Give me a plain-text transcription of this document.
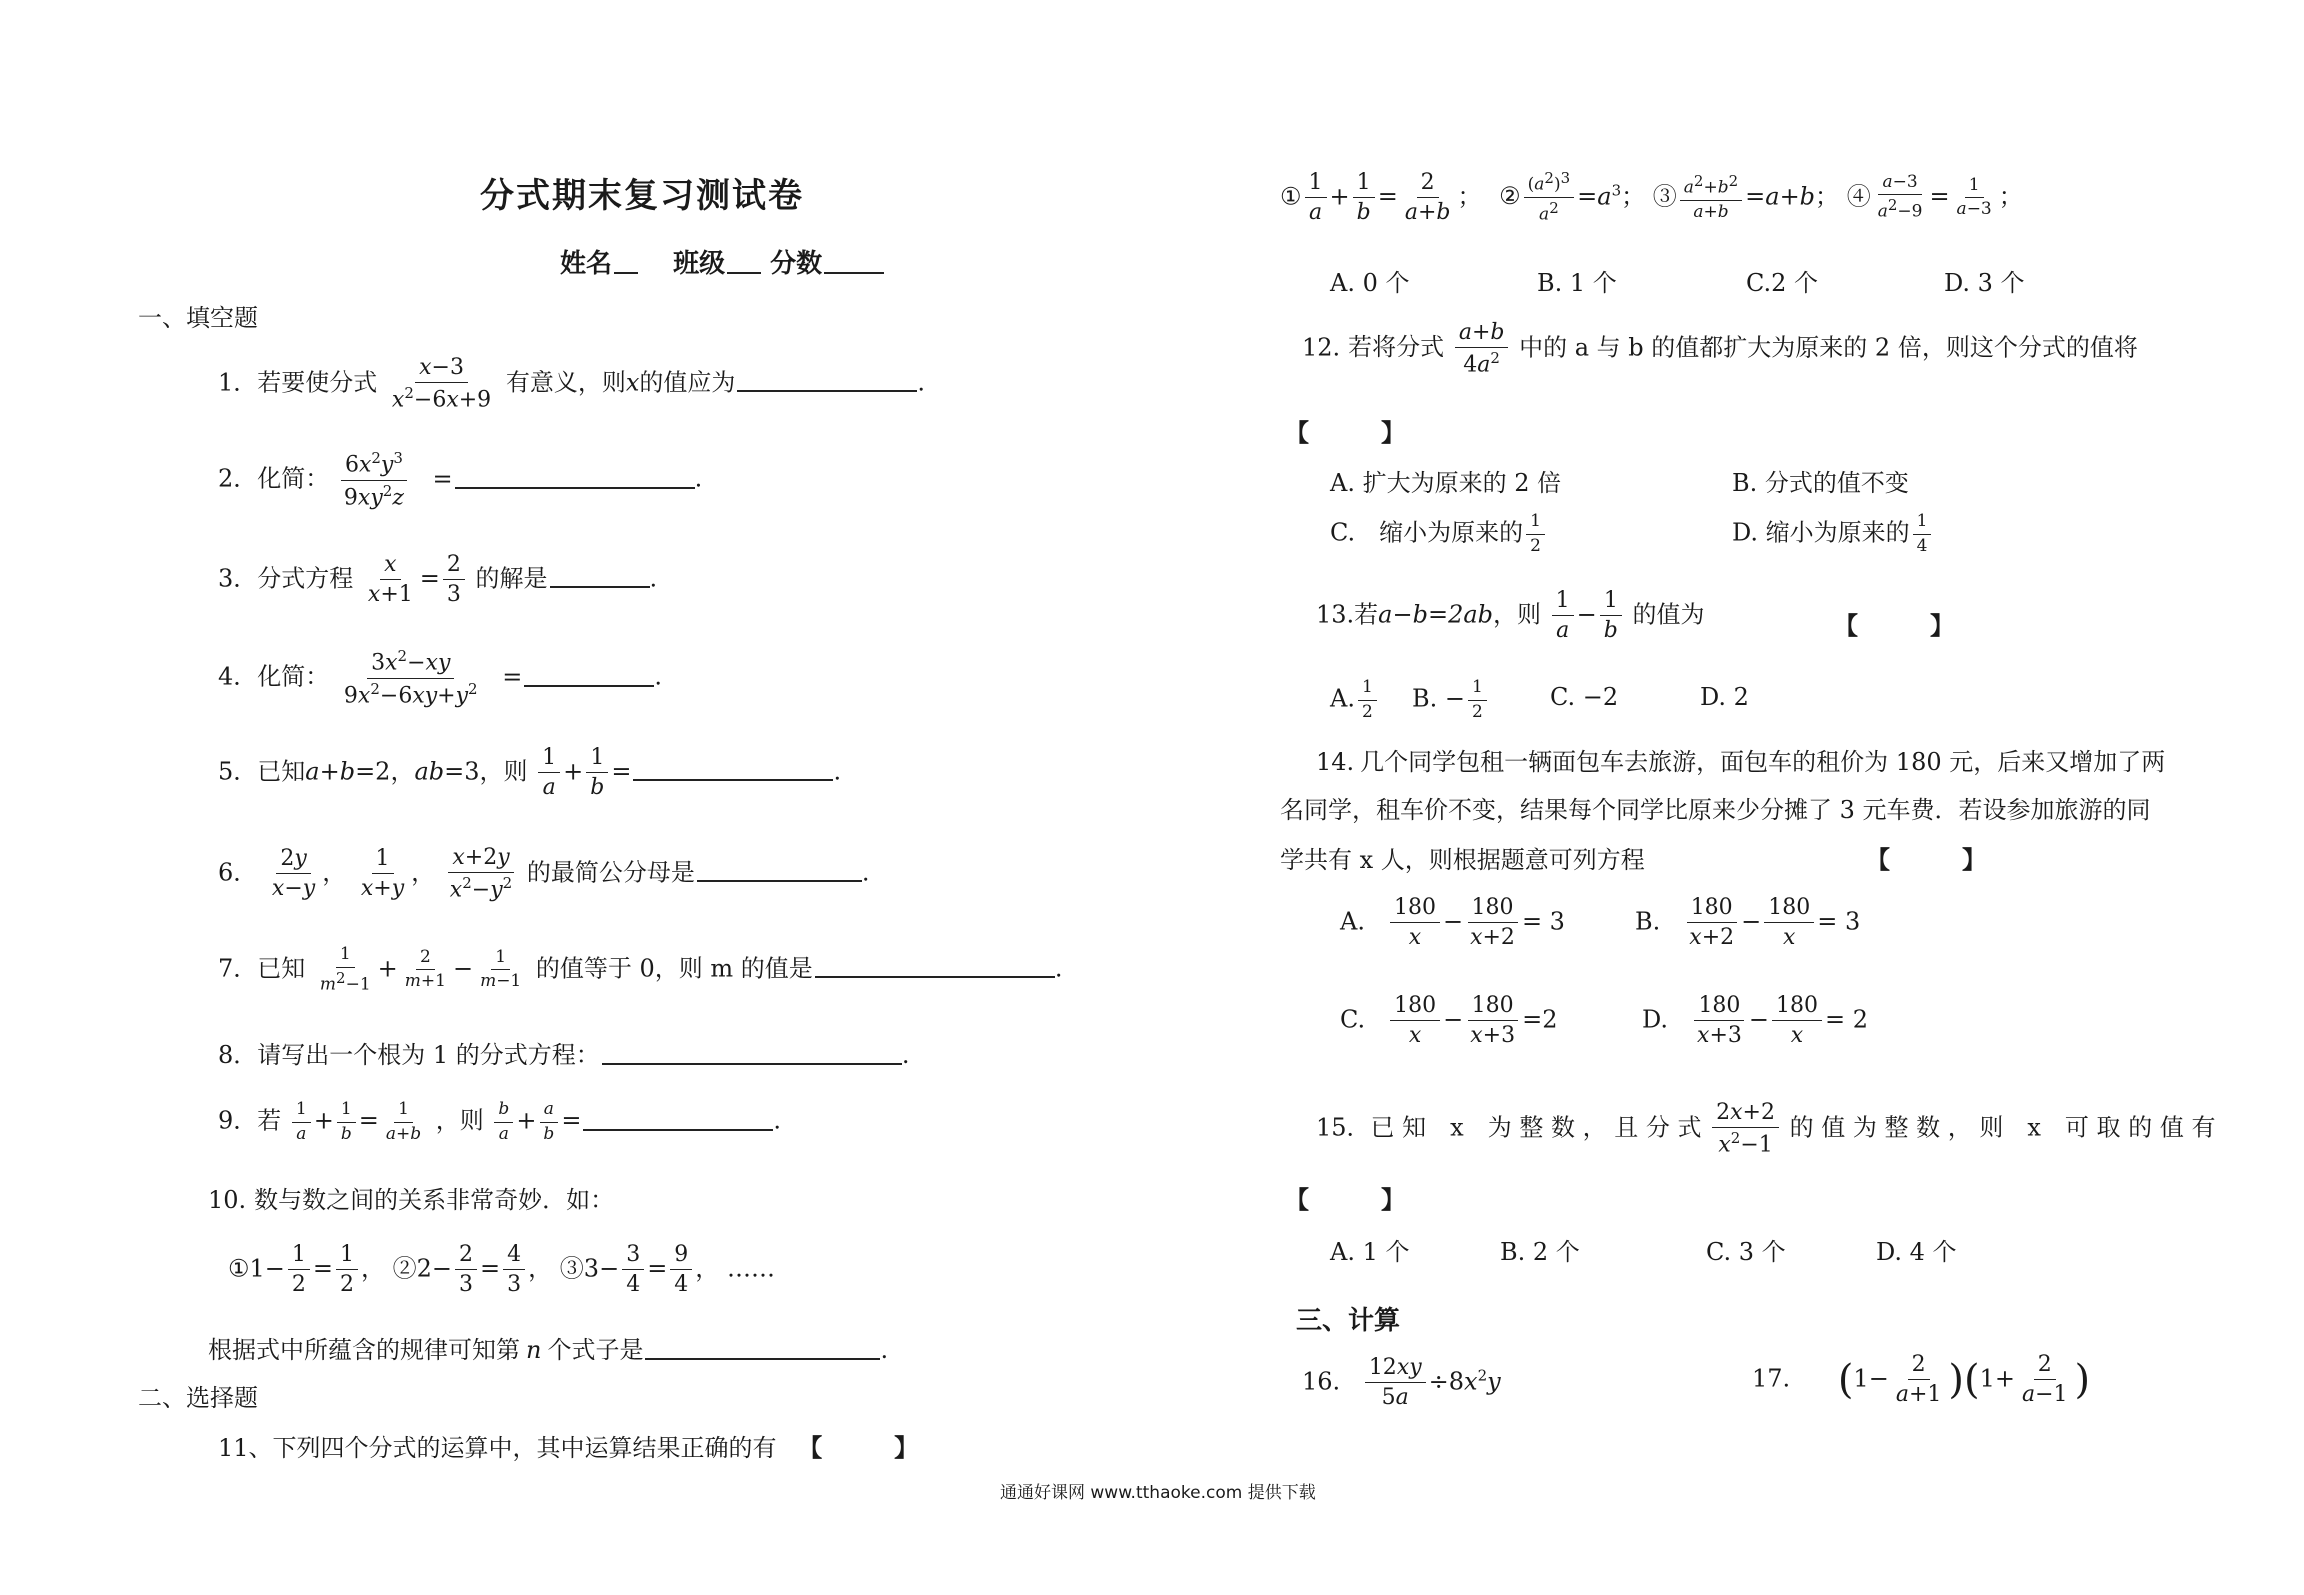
分式期末复习测试卷
姓名 班级 分数
一、填空题
1．若要使分式 $\frac{x-3}{x^2-6x+9}$ 有意义，则x的值应为	.
2．化简： $\frac{6x^2y^3}{9xy^2z}$ =	.
3．分式方程 $\frac{x}{x+1} = \frac{2}{3}$ 的解是	.
4．化简： $\frac{3x^2-xy}{9x^2-6xy+y^2}$ =	.
5．已知a+b=2，ab=3，则 $\frac{1}{a} + \frac{1}{b}$ =	.
6． $\frac{2y}{x-y}$ ， $\frac{1}{x+y}$ ， $\frac{x+2y}{x^2-y^2}$ 的最简公分母是	.
7．已知 $\frac{1}{m^2-1} + \frac{2}{m+1} - \frac{1}{m-1}$ 的值等于 0，则 m 的值是	.
8．请写出一个根为 1 的分式方程：	.
9．若 $\frac{1}{a} + \frac{1}{b} = \frac{1}{a+b}$ ，则 $\frac{b}{a} + \frac{a}{b}$ =	.
10. 数与数之间的关系非常奇妙．如：
①1− $\frac{1}{2} = \frac{1}{2}$ ， ②2− $\frac{2}{3} = \frac{4}{3}$ ， ③3− $\frac{3}{4} = \frac{9}{4}$ ， ……
根据式中所蕴含的规律可知第 n 个式子是	.
二、选择题
11、下列四个分式的运算中，其中运算结果正确的有 【　　　】
① $\frac{1}{a} + \frac{1}{b} = \frac{2}{a+b}$ ； ② $\frac{(a^2)^3}{a^2} =a^3$； ③ $\frac{a^2+b^2}{a+b} =a+b$； ④ $\frac{a-3}{a^2-9} = \frac{1}{a-3}$ ；
A. 0 个	B. 1 个	C.2 个	D. 3 个
12. 若将分式 $\frac{a+b}{4a^2}$ 中的 a 与 b 的值都扩大为原来的 2 倍，则这个分式的值将
【　　　】
A. 扩大为原来的 2 倍	B. 分式的值不变
C.　缩小为原来的 $\frac{1}{2}$	D. 缩小为原来的 $\frac{1}{4}$
13.若a−b=2ab，则 $\frac{1}{a} - \frac{1}{b}$ 的值为	【　　　】
A. $\frac{1}{2} B$. − $\frac{1}{2}$	C. −2	D. 2
14. 几个同学包租一辆面包车去旅游，面包车的租价为 180 元，后来又增加了两
名同学，租车价不变，结果每个同学比原来少分摊了 3 元车费．若设参加旅游的同
学共有 x 人，则根据题意可列方程	【　　　】
A. $\frac{180}{x} - \frac{180}{x+2} = 3$	B. $\frac{180}{x+2} - \frac{180}{x} = 3$
C. $\frac{180}{x} - \frac{180}{x+3} =2$	D. $\frac{180}{x+3} - \frac{180}{x} = 2$
15．已 知　x　为 整 数 ， 且 分 式 $\frac{2x+2}{x^2-1}$ 的 值 为 整 数 ， 则　x　可 取 的 值 有
【　　　】
A. 1 个	B. 2 个	C. 3 个	D. 4 个
三、计算
16. $\frac{12xy}{5a} \div 8x^2y$	17. $(1- \frac{2}{a+1} )(1+ \frac{2}{a-1}$ )
通通好课网 www.tthaoke.com 提供下载
